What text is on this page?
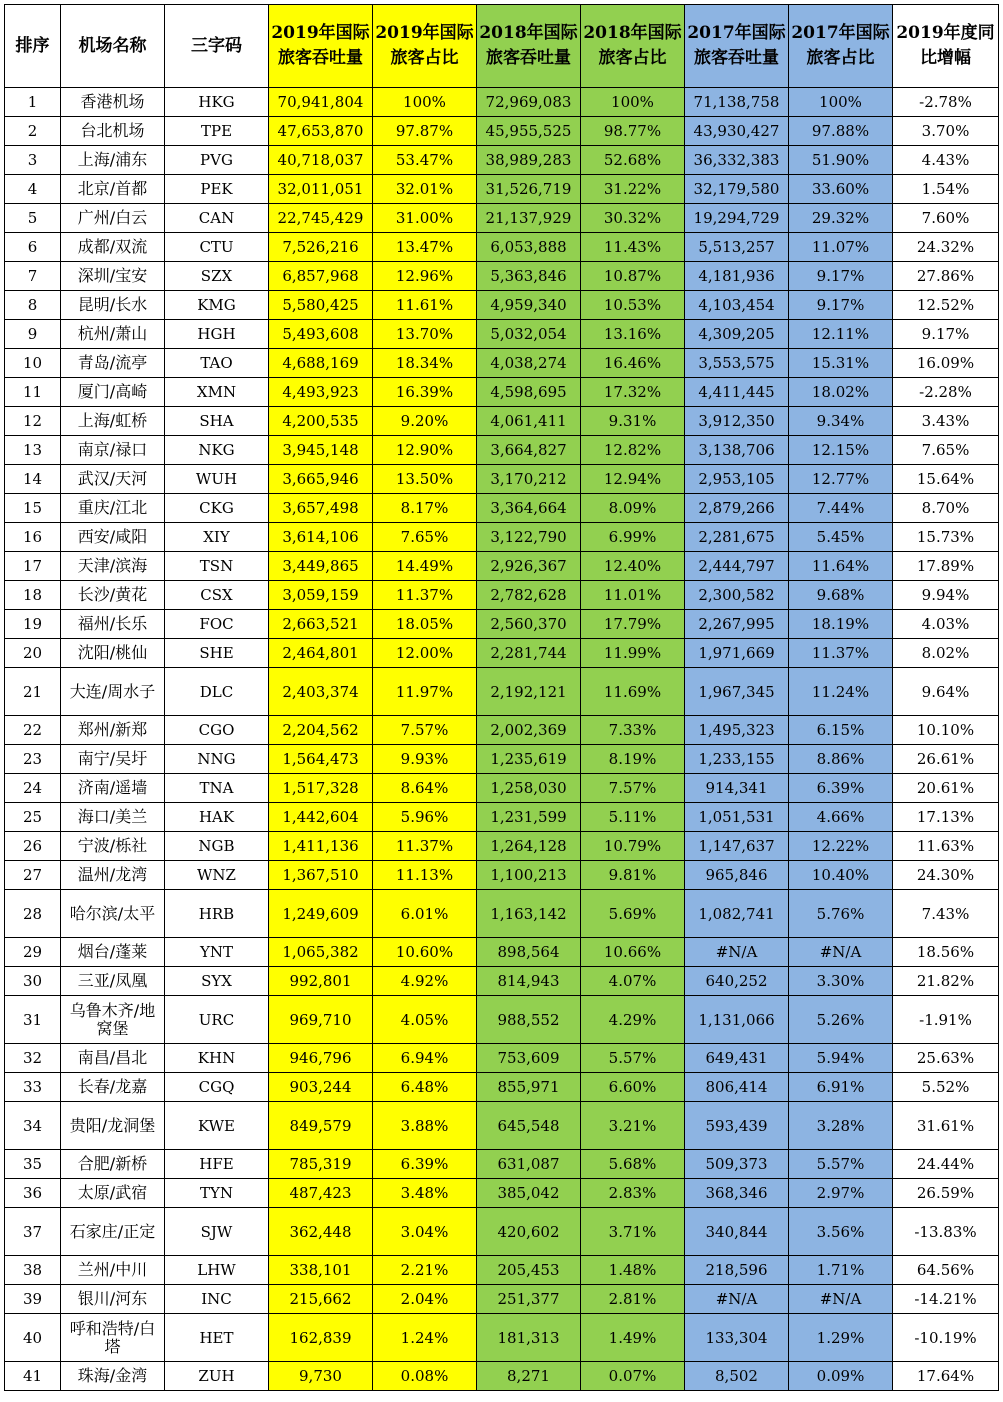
排序	机场名称	三字码	2019年国际旅客吞吐量	2019年国际旅客占比	2018年国际旅客吞吐量	2018年国际旅客占比	2017年国际旅客吞吐量	2017年国际旅客占比	2019年度同比增幅
1	香港机场	HKG	70,941,804	100%	72,969,083	100%	71,138,758	100%	-2.78%
2	台北机场	TPE	47,653,870	97.87%	45,955,525	98.77%	43,930,427	97.88%	3.70%
3	上海/浦东	PVG	40,718,037	53.47%	38,989,283	52.68%	36,332,383	51.90%	4.43%
4	北京/首都	PEK	32,011,051	32.01%	31,526,719	31.22%	32,179,580	33.60%	1.54%
5	广州/白云	CAN	22,745,429	31.00%	21,137,929	30.32%	19,294,729	29.32%	7.60%
6	成都/双流	CTU	7,526,216	13.47%	6,053,888	11.43%	5,513,257	11.07%	24.32%
7	深圳/宝安	SZX	6,857,968	12.96%	5,363,846	10.87%	4,181,936	9.17%	27.86%
8	昆明/长水	KMG	5,580,425	11.61%	4,959,340	10.53%	4,103,454	9.17%	12.52%
9	杭州/萧山	HGH	5,493,608	13.70%	5,032,054	13.16%	4,309,205	12.11%	9.17%
10	青岛/流亭	TAO	4,688,169	18.34%	4,038,274	16.46%	3,553,575	15.31%	16.09%
11	厦门/高崎	XMN	4,493,923	16.39%	4,598,695	17.32%	4,411,445	18.02%	-2.28%
12	上海/虹桥	SHA	4,200,535	9.20%	4,061,411	9.31%	3,912,350	9.34%	3.43%
13	南京/禄口	NKG	3,945,148	12.90%	3,664,827	12.82%	3,138,706	12.15%	7.65%
14	武汉/天河	WUH	3,665,946	13.50%	3,170,212	12.94%	2,953,105	12.77%	15.64%
15	重庆/江北	CKG	3,657,498	8.17%	3,364,664	8.09%	2,879,266	7.44%	8.70%
16	西安/咸阳	XIY	3,614,106	7.65%	3,122,790	6.99%	2,281,675	5.45%	15.73%
17	天津/滨海	TSN	3,449,865	14.49%	2,926,367	12.40%	2,444,797	11.64%	17.89%
18	长沙/黄花	CSX	3,059,159	11.37%	2,782,628	11.01%	2,300,582	9.68%	9.94%
19	福州/长乐	FOC	2,663,521	18.05%	2,560,370	17.79%	2,267,995	18.19%	4.03%
20	沈阳/桃仙	SHE	2,464,801	12.00%	2,281,744	11.99%	1,971,669	11.37%	8.02%
21	大连/周水子	DLC	2,403,374	11.97%	2,192,121	11.69%	1,967,345	11.24%	9.64%
22	郑州/新郑	CGO	2,204,562	7.57%	2,002,369	7.33%	1,495,323	6.15%	10.10%
23	南宁/吴圩	NNG	1,564,473	9.93%	1,235,619	8.19%	1,233,155	8.86%	26.61%
24	济南/遥墙	TNA	1,517,328	8.64%	1,258,030	7.57%	914,341	6.39%	20.61%
25	海口/美兰	HAK	1,442,604	5.96%	1,231,599	5.11%	1,051,531	4.66%	17.13%
26	宁波/栎社	NGB	1,411,136	11.37%	1,264,128	10.79%	1,147,637	12.22%	11.63%
27	温州/龙湾	WNZ	1,367,510	11.13%	1,100,213	9.81%	965,846	10.40%	24.30%
28	哈尔滨/太平	HRB	1,249,609	6.01%	1,163,142	5.69%	1,082,741	5.76%	7.43%
29	烟台/蓬莱	YNT	1,065,382	10.60%	898,564	10.66%	#N/A	#N/A	18.56%
30	三亚/凤凰	SYX	992,801	4.92%	814,943	4.07%	640,252	3.30%	21.82%
31	乌鲁木齐/地窝堡	URC	969,710	4.05%	988,552	4.29%	1,131,066	5.26%	-1.91%
32	南昌/昌北	KHN	946,796	6.94%	753,609	5.57%	649,431	5.94%	25.63%
33	长春/龙嘉	CGQ	903,244	6.48%	855,971	6.60%	806,414	6.91%	5.52%
34	贵阳/龙洞堡	KWE	849,579	3.88%	645,548	3.21%	593,439	3.28%	31.61%
35	合肥/新桥	HFE	785,319	6.39%	631,087	5.68%	509,373	5.57%	24.44%
36	太原/武宿	TYN	487,423	3.48%	385,042	2.83%	368,346	2.97%	26.59%
37	石家庄/正定	SJW	362,448	3.04%	420,602	3.71%	340,844	3.56%	-13.83%
38	兰州/中川	LHW	338,101	2.21%	205,453	1.48%	218,596	1.71%	64.56%
39	银川/河东	INC	215,662	2.04%	251,377	2.81%	#N/A	#N/A	-14.21%
40	呼和浩特/白塔	HET	162,839	1.24%	181,313	1.49%	133,304	1.29%	-10.19%
41	珠海/金湾	ZUH	9,730	0.08%	8,271	0.07%	8,502	0.09%	17.64%
